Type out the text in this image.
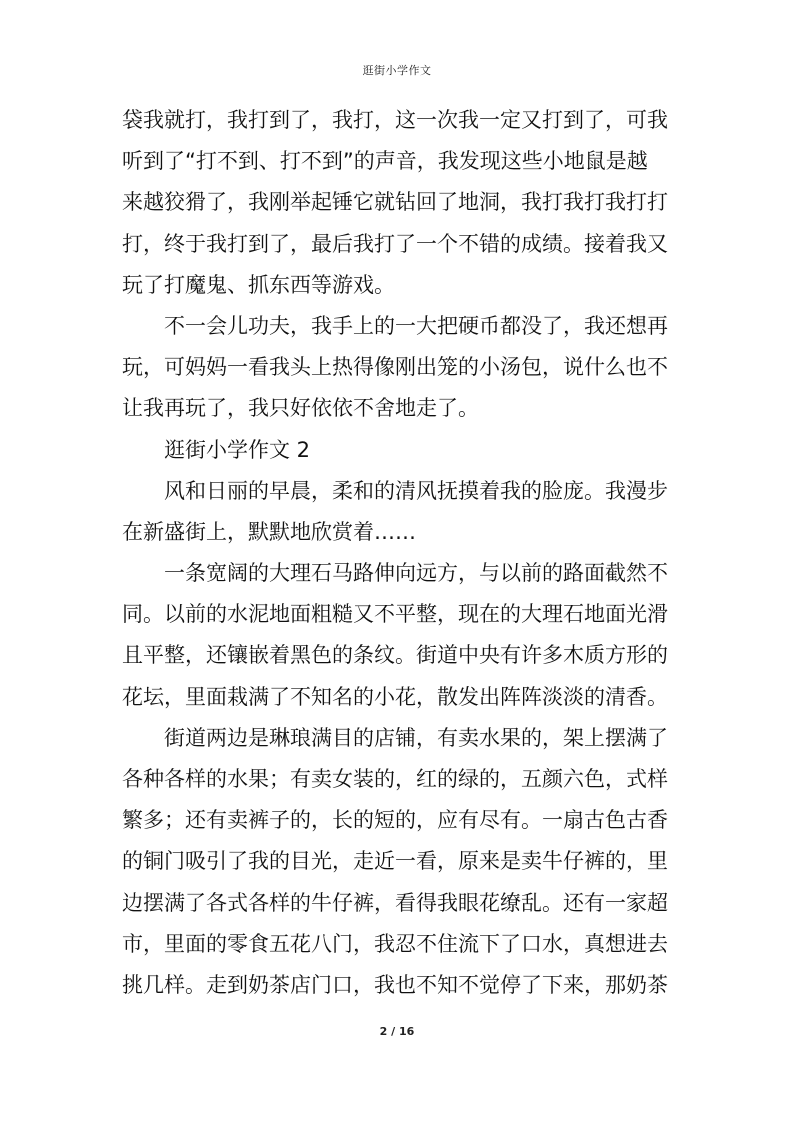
逛街小学作文
袋我就打，我打到了，我打，这一次我一定又打到了，可我
听到了“打不到、打不到”的声音，我发现这些小地鼠是越
来越狡猾了，我刚举起锤它就钻回了地洞，我打我打我打打
打，终于我打到了，最后我打了一个不错的成绩。接着我又
玩了打魔鬼、抓东西等游戏。
不一会儿功夫，我手上的一大把硬币都没了，我还想再
玩，可妈妈一看我头上热得像刚出笼的小汤包，说什么也不
让我再玩了，我只好依依不舍地走了。
逛街小学作文 2
风和日丽的早晨，柔和的清风抚摸着我的脸庞。我漫步
在新盛街上，默默地欣赏着……
一条宽阔的大理石马路伸向远方，与以前的路面截然不
同。以前的水泥地面粗糙又不平整，现在的大理石地面光滑
且平整，还镶嵌着黑色的条纹。街道中央有许多木质方形的
花坛，里面栽满了不知名的小花，散发出阵阵淡淡的清香。
街道两边是琳琅满目的店铺，有卖水果的，架上摆满了
各种各样的水果；有卖女装的，红的绿的，五颜六色，式样
繁多；还有卖裤子的，长的短的，应有尽有。一扇古色古香
的铜门吸引了我的目光，走近一看，原来是卖牛仔裤的，里
边摆满了各式各样的牛仔裤，看得我眼花缭乱。还有一家超
市，里面的零食五花八门，我忍不住流下了口水，真想进去
挑几样。走到奶茶店门口，我也不知不觉停了下来，那奶茶
2 / 16
